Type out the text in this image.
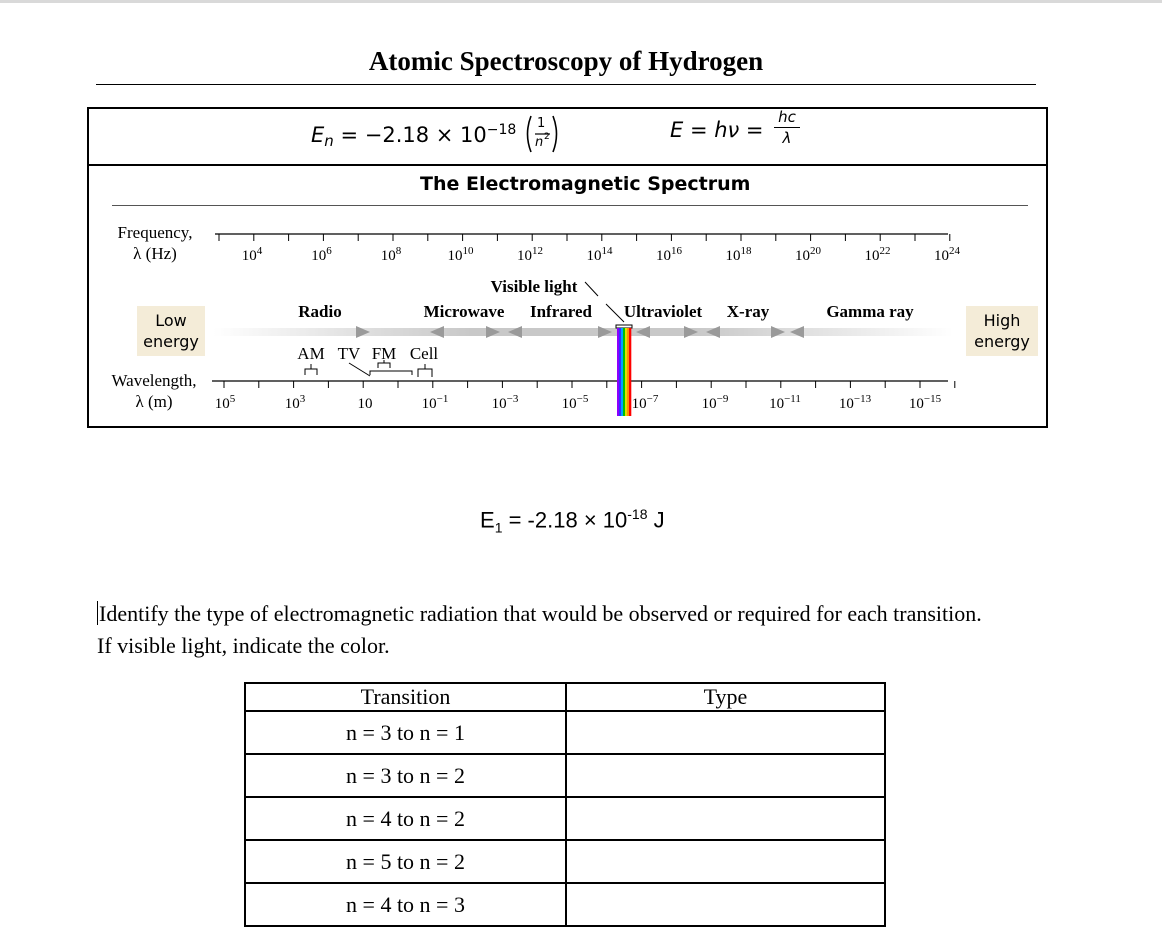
Atomic Spectroscopy of Hydrogen
$En = -2.18 \times 10^{-18}$ 1
n 2	E = hν =
hc
λ
The Electromagnetic Spectrum
Frequency,
λ (Hz)
Wavelength,
λ (m)
Low
energy
High
energy
$10^4$	$10^6$	$10^8$	$10^{10}$	$10^{12}$	$10^{14}$	$10^{16}$	$10^{18}$	$10^{20}$	$10^{22}$	$10^{24}$
$10^5$	$10^3$	10	$10^{-1}$	$10^{-3}$	$10^{-5}$	$10^{-7}$	$10^{-9}$	$10^{-11}$	$10^{-13}$	$10^{-15}$
Radio	Microwave Infrared
Visible light
Ultraviolet X-ray	Gamma ray
AM TV FM Cell
$E_1 = -2.18 \times 10^{-18}$ J
Identify the type of electromagnetic radiation that would be observed or required for each transition. If visible light, indicate the color.
Transition	Type
n = 3 to n = 1	
n = 3 to n = 2	
n = 4 to n = 2	
n = 5 to n = 2	
n = 4 to n = 3	
